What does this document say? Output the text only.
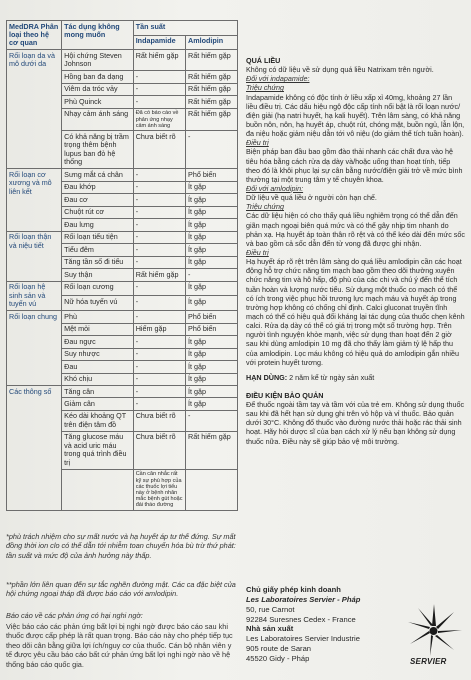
MedDRA Phân loại theo hệ cơ quan	Tác dụng không mong muốn	Tần suất	
		Indapamide	Amlodipin
Rối loạn da và mô dưới da	Hội chứng Steven Johnson	Rất hiếm gặp	Rất hiếm gặp
	Hồng ban đa dạng	-	Rất hiếm gặp
	Viêm da tróc vảy	-	Rất hiếm gặp
	Phù Quinck	-	Rất hiếm gặp
	Nhạy cảm ánh sáng	Đã có báo cáo về phản ứng nhạy cảm ánh sáng	Rất hiếm gặp
	Có khả năng bị trầm trọng thêm bệnh lupus ban đỏ hệ thống	Chưa biết rõ	-
Rối loạn cơ xương và mô liên kết	Sưng mắt cá chân	-	Phổ biến
	Đau khớp	-	Ít gặp
	Đau cơ	-	Ít gặp
	Chuột rút cơ	-	Ít gặp
	Đau lưng	-	Ít gặp
Rối loạn thận và niệu tiết	Rối loạn tiểu tiện	-	Ít gặp
	Tiểu đêm	-	Ít gặp
	Tăng tần số đi tiểu	-	Ít gặp
	Suy thận	Rất hiếm gặp	-
Rối loạn hệ sinh sản và tuyến vú	Rối loạn cương	-	Ít gặp
	Nữ hóa tuyến vú	-	Ít gặp
Rối loạn chung	Phù	-	Phổ biến
	Mệt mỏi	Hiếm gặp	Phổ biến
	Đau ngực	-	Ít gặp
	Suy nhược	-	Ít gặp
	Đau	-	Ít gặp
	Khó chịu	-	Ít gặp
Các thông số	Tăng cân	-	Ít gặp
	Giảm cân	-	Ít gặp
	Kéo dài khoảng QT trên điện tâm đồ	Chưa biết rõ	-
	Tăng glucose máu và acid uric máu trong quá trình điều trị	Chưa biết rõ	Rất hiếm gặp
		Cần cân nhắc rất kỹ sự phù hợp của các thuốc lợi tiểu này ở bệnh nhân mắc bệnh gút hoặc đái tháo đường	
*phù trách nhiệm cho sự mất nước và hạ huyết áp tư thế đứng. Sự mất đồng thời ion clo có thể dẫn tới nhiễm toan chuyển hóa bù trừ thứ phát: tần suất và mức độ của ảnh hưởng này thấp.
**phần lớn liên quan đến sự tắc nghẽn đường mật. Các ca đặc biệt của hội chứng ngoại tháp đã được báo cáo với amlodipin.
Báo cáo về các phản ứng có hại nghi ngờ:
Việc báo cáo các phản ứng bất lợi bị nghi ngờ được báo cáo sau khi thuốc được cấp phép là rất quan trọng. Báo cáo này cho phép tiếp tục theo dõi cân bằng giữa lợi ích/nguy cơ của thuốc. Cán bộ nhân viên y tế được yêu cầu báo cáo bất cứ phản ứng bất lợi nghi ngờ nào về hệ thống báo cáo quốc gia.
QUÁ LIỀU

Không có dữ liệu về sử dụng quá liều Natrixam trên người.

Đối với indapamide:
Triệu chứng

Indapamide không có độc tính ở liều xấp xỉ 40mg, khoảng 27 lần liều điều trị. Các dấu hiệu ngộ độc cấp tính nổi bật là rối loạn nước/điện giải (hạ natri huyết, hạ kali huyết). Trên lâm sàng, có khả năng buồn nôn, nôn, hạ huyết áp, chuột rút, chóng mặt, buồn ngủ, lẫn lộn, đa niệu hoặc giảm niệu dẫn tới vô niệu (do giảm thể tích tuần hoàn).

Điều trị

Biện pháp ban đầu bao gồm đào thải nhanh các chất đưa vào hệ tiêu hóa bằng cách rửa dạ dày và/hoặc uống than hoạt tính, tiếp theo đó là khôi phục lại sự cân bằng nước/điện giải trở về mức bình thường tại một trung tâm y tế chuyên khoa.

Đối với amlodipin:

Dữ liệu về quá liều ở người còn hạn chế.

Triệu chứng

Các dữ liệu hiện có cho thấy quá liều nghiêm trọng có thể dẫn đến giãn mạch ngoại biên quá mức và có thể gây nhịp tim nhanh do phản xạ. Hạ huyết áp toàn thân rõ rệt và có thể kéo dài đến mức sốc và bao gồm cả sốc dẫn đến tử vong đã được ghi nhận.

Điều trị

Hạ huyết áp rõ rệt trên lâm sàng do quá liều amlodipin cần các hoạt động hỗ trợ chức năng tim mạch bao gồm theo dõi thường xuyên chức năng tim và hô hấp, độ phù của các chi và chú ý đến thể tích tuần hoàn và lượng nước tiểu. Sử dụng một thuốc co mạch có thể có ích trong việc phục hồi trương lực mạch máu và huyết áp trong trường hợp không có chống chỉ định. Calci gluconat truyền tĩnh mạch có thể có hiệu quả đối kháng lại tác dụng của thuốc chẹn kênh calci. Rửa dạ dày có thể có giá trị trong một số trường hợp. Trên người tình nguyện khỏe mạnh, việc sử dụng than hoạt đến 2 giờ sau khi dùng amlodipin 10 mg đã cho thấy làm giảm tỷ lệ hấp thu của amlodipin. Lọc máu không có hiệu quả do amlodipin gắn nhiều với protein huyết tương.

HẠN DÙNG: 2 năm kể từ ngày sản xuất

ĐIỀU KIỆN BẢO QUẢN

Để thuốc ngoài tầm tay và tầm với của trẻ em. Không sử dụng thuốc sau khi đã hết hạn sử dụng ghi trên vỏ hộp và vỉ thuốc. Bảo quản dưới 30°C. Không đổ thuốc vào đường nước thải hoặc rác thải sinh hoạt. Hãy hỏi dược sĩ của bạn cách xử lý nếu bạn không sử dụng thuốc nữa. Điều này sẽ giúp bảo vệ môi trường.

Chủ giấy phép kinh doanh
Les Laboratoires Servier - Pháp
50, rue Carnot
92284 Suresnes Cedex - France
Nhà sản xuất
Les Laboratoires Servier Industrie
905 route de Saran
45520 Gidy - Pháp	SERVIER
